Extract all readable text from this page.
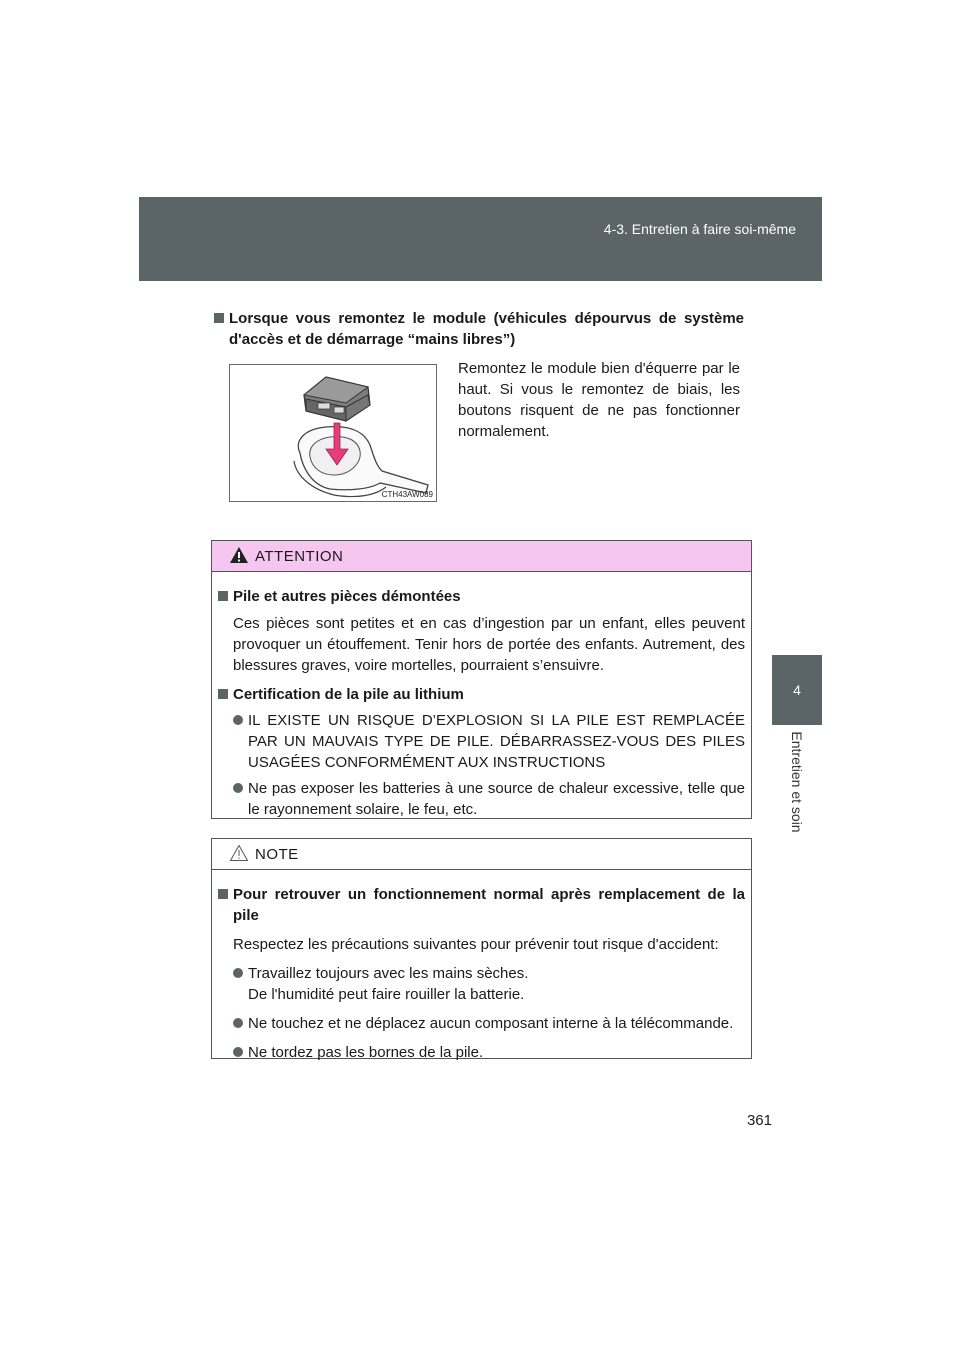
4-3. Entretien à faire soi-même
4
Entretien et soin
Lorsque vous remontez le module (véhicules dépourvus de système d'accès et de démarrage “mains libres”)
CTH43AW089
Remontez le module bien d'équerre par le haut. Si vous le remontez de biais, les boutons risquent de ne pas fonctionner normalement.
ATTENTION
Pile et autres pièces démontées
Ces pièces sont petites et en cas d’ingestion par un enfant, elles peuvent provoquer un étouffement. Tenir hors de portée des enfants. Autrement, des blessures graves, voire mortelles, pourraient s’ensuivre.
Certification de la pile au lithium
IL EXISTE UN RISQUE D’EXPLOSION SI LA PILE EST REMPLACÉE PAR UN MAUVAIS TYPE DE PILE. DÉBARRASSEZ-VOUS DES PILES USAGÉES CONFORMÉMENT AUX INSTRUCTIONS
Ne pas exposer les batteries à une source de chaleur excessive, telle que le rayonnement solaire, le feu, etc.
NOTE
Pour retrouver un fonctionnement normal après remplacement de la pile
Respectez les précautions suivantes pour prévenir tout risque d'accident:
Travaillez toujours avec les mains sèches.
De l'humidité peut faire rouiller la batterie.
Ne touchez et ne déplacez aucun composant interne à la télécommande.
Ne tordez pas les bornes de la pile.
361
